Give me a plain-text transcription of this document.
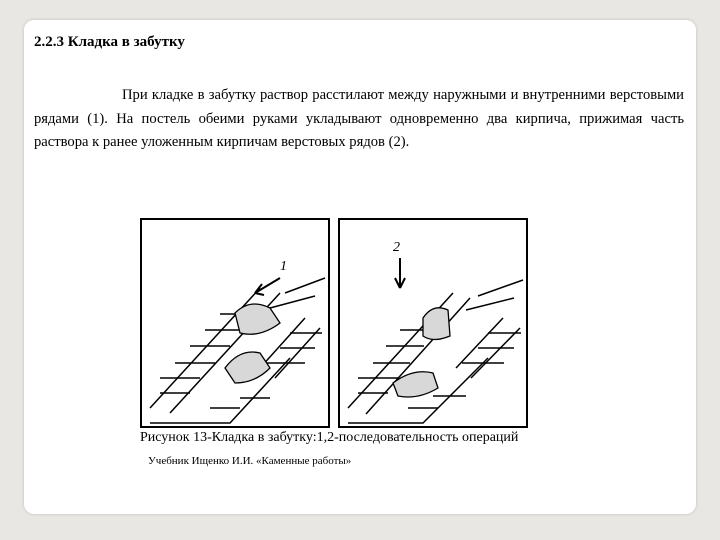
2.2.3 Кладка в забутку
При кладке в забутку раствор расстилают между наружными и внутренними верстовыми рядами (1). На постель обеими руками укладывают одновременно два кирпича, прижимая часть раствора к ранее уложенным кирпичам верстовых рядов (2).
1
2
Рисунок 13-Кладка в забутку:1,2-последовательность операций
Учебник Ищенко И.И. «Каменные работы»
